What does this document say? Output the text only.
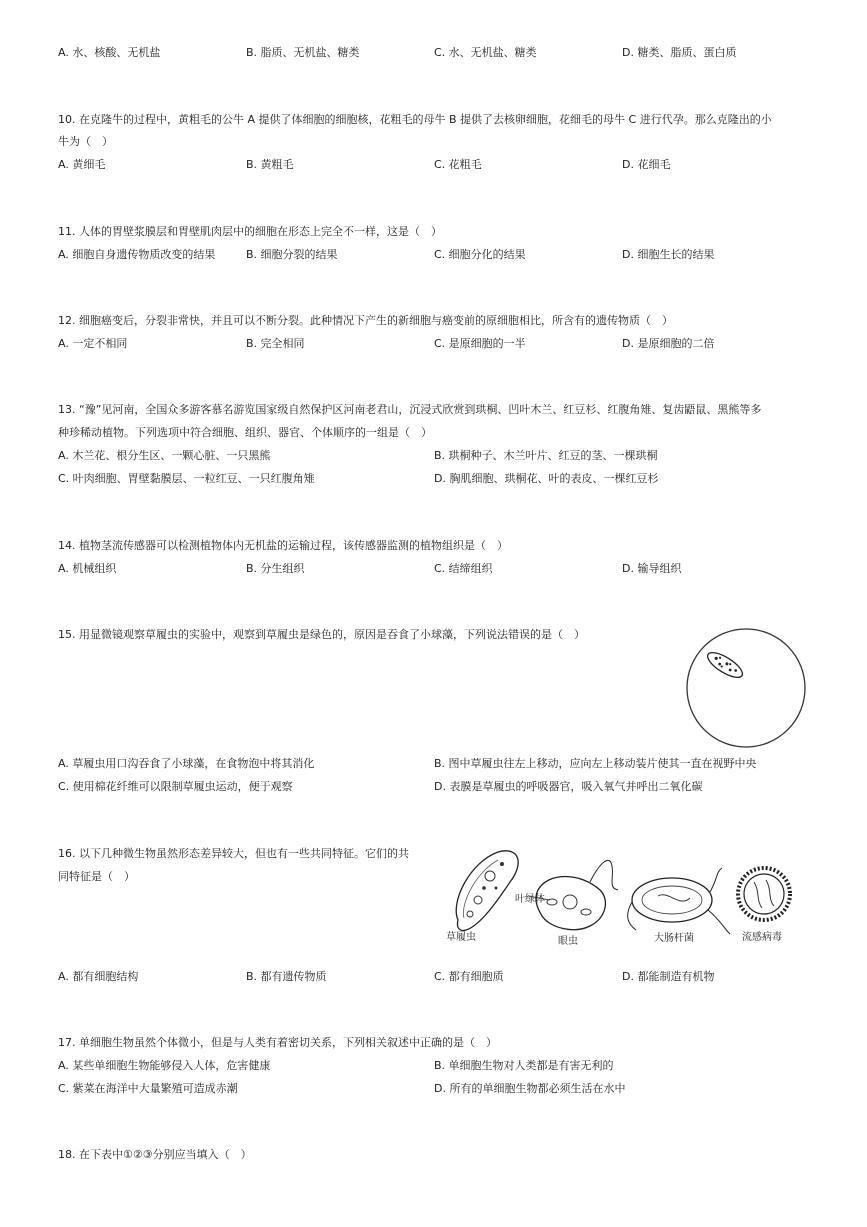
A. 水、核酸、无机盐	B. 脂质、无机盐、糖类	C. 水、无机盐、糖类	D. 糖类、脂质、蛋白质
10. 在克隆牛的过程中，黄粗毛的公牛 A 提供了体细胞的细胞核，花粗毛的母牛 B 提供了去核卵细胞，花细毛的母牛 C 进行代孕。那么克隆出的小
牛为（　）
A. 黄细毛	B. 黄粗毛	C. 花粗毛	D. 花细毛
11. 人体的胃壁浆膜层和胃壁肌肉层中的细胞在形态上完全不一样，这是（　）
A. 细胞自身遗传物质改变的结果	B. 细胞分裂的结果	C. 细胞分化的结果	D. 细胞生长的结果
12. 细胞癌变后，分裂非常快，并且可以不断分裂。此种情况下产生的新细胞与癌变前的原细胞相比，所含有的遗传物质（　）
A. 一定不相同	B. 完全相同	C. 是原细胞的一半	D. 是原细胞的二倍
13. “豫”见河南，全国众多游客慕名游览国家级自然保护区河南老君山，沉浸式欣赏到珙桐、凹叶木兰、红豆杉、红腹角雉、复齿鼯鼠、黑熊等多
种珍稀动植物。下列选项中符合细胞、组织、器官、个体顺序的一组是（　）
A. 木兰花、根分生区、一颗心脏、一只黑熊	B. 珙桐种子、木兰叶片、红豆的茎、一棵珙桐
C. 叶肉细胞、胃壁黏膜层、一粒红豆、一只红腹角雉	D. 胸肌细胞、珙桐花、叶的表皮、一棵红豆杉
14. 植物茎流传感器可以检测植物体内无机盐的运输过程，该传感器监测的植物组织是（　）
A. 机械组织	B. 分生组织	C. 结缔组织	D. 输导组织
15. 用显微镜观察草履虫的实验中，观察到草履虫是绿色的，原因是吞食了小球藻，下列说法错误的是（　）
A. 草履虫用口沟吞食了小球藻，在食物泡中将其消化	B. 图中草履虫往左上移动，应向左上移动装片使其一直在视野中央
C. 使用棉花纤维可以限制草履虫运动，便于观察	D. 表膜是草履虫的呼吸器官，吸入氧气并呼出二氧化碳
16. 以下几种微生物虽然形态差异较大，但也有一些共同特征。它们的共
同特征是（　）
草履虫
叶绿体
眼虫	大肠杆菌	流感病毒
A. 都有细胞结构	B. 都有遗传物质	C. 都有细胞质	D. 都能制造有机物
17. 单细胞生物虽然个体微小，但是与人类有着密切关系，下列相关叙述中正确的是（　）
A. 某些单细胞生物能够侵入人体，危害健康	B. 单细胞生物对人类都是有害无利的
C. 紫菜在海洋中大量繁殖可造成赤潮	D. 所有的单细胞生物都必须生活在水中
18. 在下表中①②③分别应当填入（　）
